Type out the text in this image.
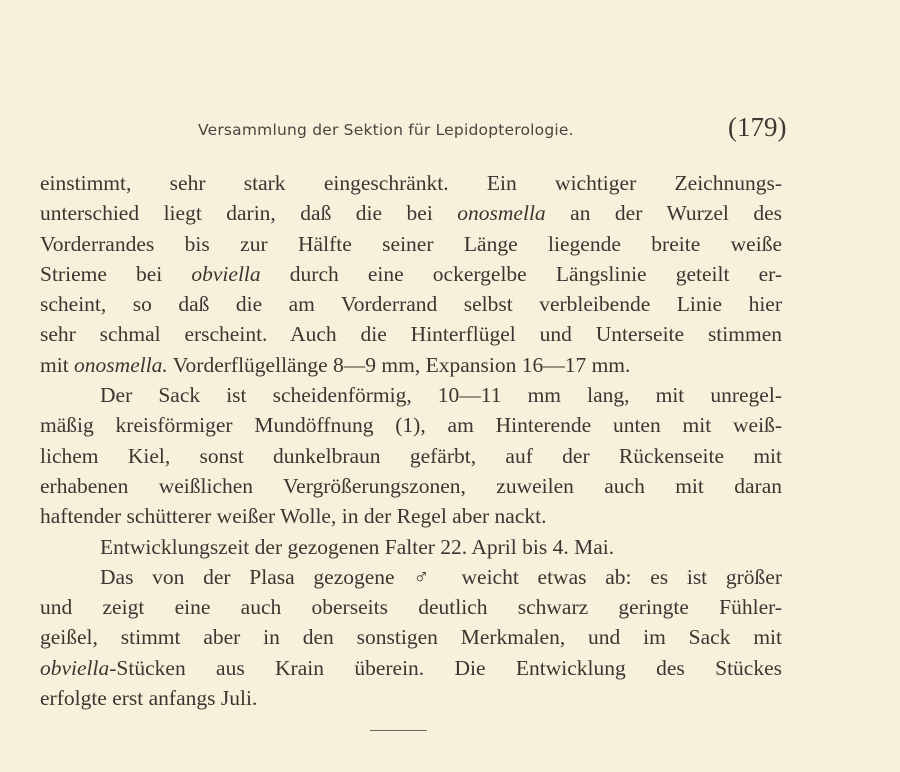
Versammlung der Sektion für Lepidopterologie.	(179)
einstimmt, sehr stark eingeschränkt. Ein wichtiger Zeichnungs-
unterschied liegt darin, daß die bei onosmella an der Wurzel des
Vorderrandes bis zur Hälfte seiner Länge liegende breite weiße
Strieme bei obviella durch eine ockergelbe Längslinie geteilt er-
scheint, so daß die am Vorderrand selbst verbleibende Linie hier
sehr schmal erscheint. Auch die Hinterflügel und Unterseite stimmen
mit onosmella. Vorderflügellänge 8—9 mm, Expansion 16—17 mm.
Der Sack ist scheidenförmig, 10—11 mm lang, mit unregel-
mäßig kreisförmiger Mundöffnung (1), am Hinterende unten mit weiß-
lichem Kiel, sonst dunkelbraun gefärbt, auf der Rückenseite mit
erhabenen weißlichen Vergrößerungszonen, zuweilen auch mit daran
haftender schütterer weißer Wolle, in der Regel aber nackt.
Entwicklungszeit der gezogenen Falter 22. April bis 4. Mai.
Das von der Plasa gezogene ♂ weicht etwas ab: es ist größer
und zeigt eine auch oberseits deutlich schwarz geringte Fühler-
geißel, stimmt aber in den sonstigen Merkmalen, und im Sack mit
obviella-Stücken aus Krain überein. Die Entwicklung des Stückes
erfolgte erst anfangs Juli.
